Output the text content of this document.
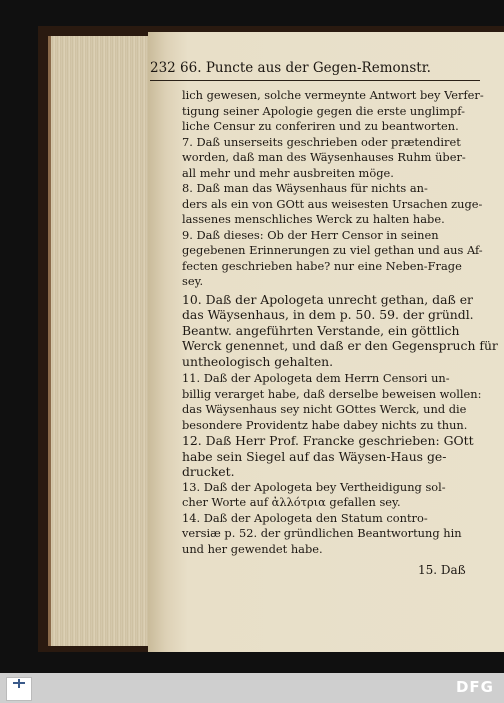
232 66. Puncte aus der Gegen-Remonstr.
lich gewesen, solche vermeynte Antwort bey Verfer-
tigung seiner Apologie gegen die erste unglimpf-
liche Censur zu conferiren und zu beantworten.
7. Daß unserseits geschrieben oder prætendiret
worden, daß man des Wäysenhauses Ruhm über-
all mehr und mehr ausbreiten möge.
8. Daß man das Wäysenhaus für nichts an-
ders als ein von GOtt aus weisesten Ursachen zuge-
lassenes menschliches Werck zu halten habe.
9. Daß dieses: Ob der Herr Censor in seinen
gegebenen Erinnerungen zu viel gethan und aus Af-
fecten geschrieben habe? nur eine Neben-Frage
sey.
10. Daß der Apologeta unrecht gethan, daß er
das Wäysenhaus, in dem p. 50. 59. der gründl.
Beantw. angeführten Verstande, ein göttlich
Werck genennet, und daß er den Gegenspruch für
untheologisch gehalten.
11. Daß der Apologeta dem Herrn Censori un-
billig verarget habe, daß derselbe beweisen wollen:
das Wäysenhaus sey nicht GOttes Werck, und die
besondere Providentz habe dabey nichts zu thun.
12. Daß Herr Prof. Francke geschrieben: GOtt
habe sein Siegel auf das Wäysen-Haus ge-
drucket.
13. Daß der Apologeta bey Vertheidigung sol-
cher Worte auf ἀλλότρια gefallen sey.
14. Daß der Apologeta den Statum contro-
versiæ p. 52. der gründlichen Beantwortung hin
und her gewendet habe.
15. Daß
DFG
